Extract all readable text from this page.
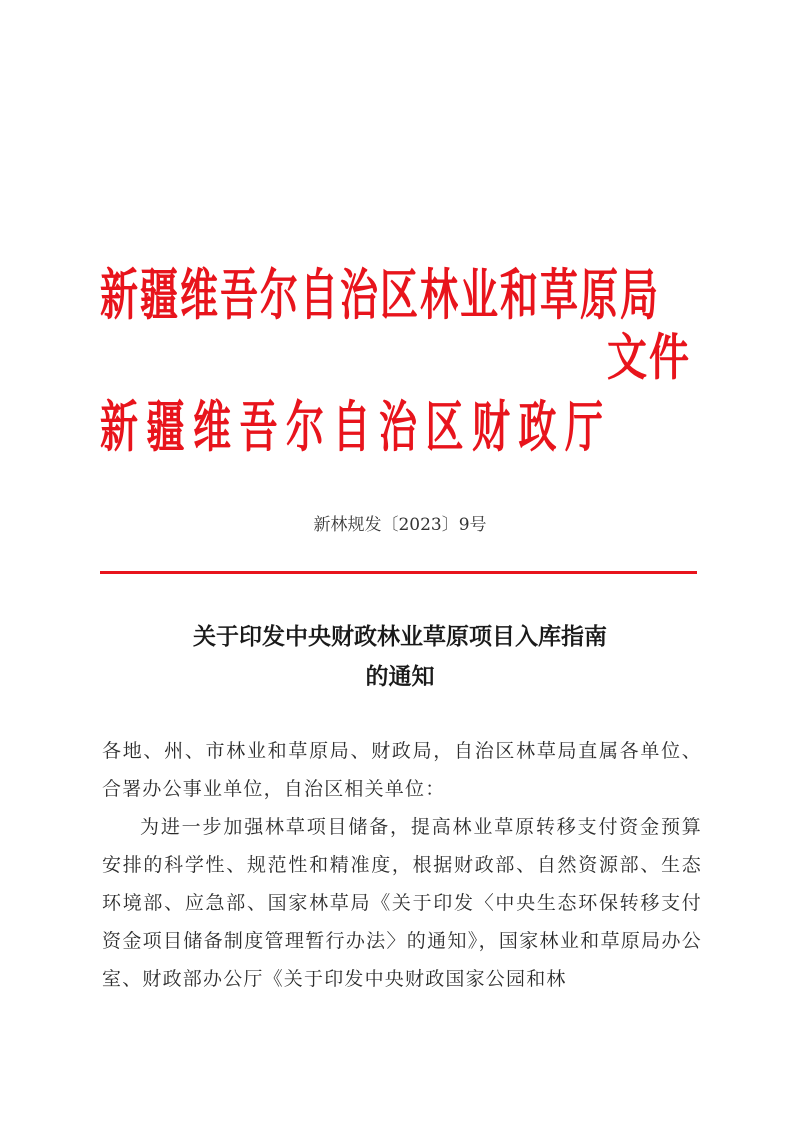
新疆维吾尔自治区林业和草原局
新疆维吾尔自治区财政厅
文件
新林规发〔2023〕9号
关于印发中央财政林业草原项目入库指南
的通知

各地、州、市林业和草原局、财政局，自治区林草局直属各单位、合署办公事业单位，自治区相关单位：

为进一步加强林草项目储备，提高林业草原转移支付资金预算安排的科学性、规范性和精准度，根据财政部、自然资源部、生态环境部、应急部、国家林草局《关于印发〈中央生态环保转移支付资金项目储备制度管理暂行办法〉的通知》，国家林业和草原局办公室、财政部办公厅《关于印发中央财政国家公园和林
